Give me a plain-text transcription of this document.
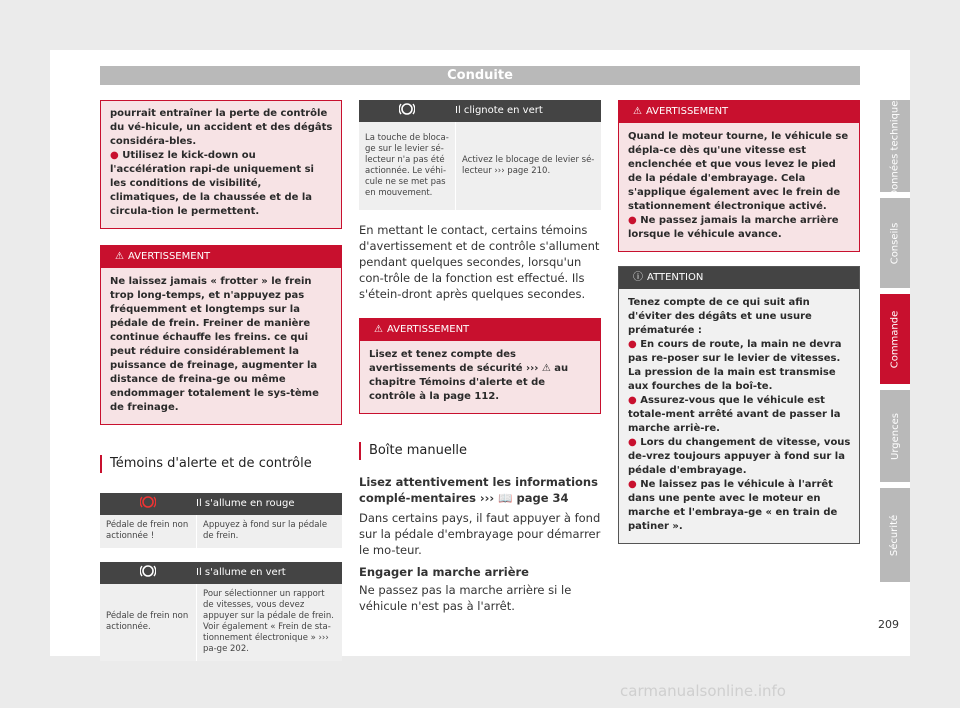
Conduite
pourrait entraîner la perte de contrôle du vé-hicule, un accident et des dégâts considéra-bles.
● Utilisez le kick-down ou l'accélération rapi-de uniquement si les conditions de visibilité, climatiques, de la chaussée et de la circula-tion le permettent.
⚠ AVERTISSEMENT
Ne laissez jamais « frotter » le frein trop long-temps, et n'appuyez pas fréquemment et longtemps sur la pédale de frein. Freiner de manière continue échauffe les freins. ce qui peut réduire considérablement la puissance de freinage, augmenter la distance de freina-ge ou même endommager totalement le sys-tème de freinage.
Témoins d'alerte et de contrôle
Il s'allume en rouge
Pédale de frein non actionnée !
Appuyez à fond sur la pédale de frein.
Il s'allume en vert
Pédale de frein non actionnée.
Pour sélectionner un rapport de vitesses, vous devez appuyer sur la pédale de frein. Voir également « Frein de sta-tionnement électronique » ››› pa-ge 202.
Il clignote en vert
La touche de bloca-ge sur le levier sé-lecteur n'a pas été actionnée. Le véhi-cule ne se met pas en mouvement.
Activez le blocage de levier sé-lecteur ››› page 210.
En mettant le contact, certains témoins d'avertissement et de contrôle s'allument pendant quelques secondes, lorsqu'un con-trôle de la fonction est effectué. Ils s'étein-dront après quelques secondes.
⚠ AVERTISSEMENT
Lisez et tenez compte des avertissements de sécurité ››› ⚠ au chapitre Témoins d'alerte et de contrôle à la page 112.
Boîte manuelle
Lisez attentivement les informations complé-mentaires ››› 📖 page 34
Dans certains pays, il faut appuyer à fond sur la pédale d'embrayage pour démarrer le mo-teur.
Engager la marche arrière
Ne passez pas la marche arrière si le véhicule n'est pas à l'arrêt.
⚠ AVERTISSEMENT
Quand le moteur tourne, le véhicule se dépla-ce dès qu'une vitesse est enclenchée et que vous levez le pied de la pédale d'embrayage. Cela s'applique également avec le frein de stationnement électronique activé.
● Ne passez jamais la marche arrière lorsque le véhicule avance.
ⓘ ATTENTION
Tenez compte de ce qui suit afin d'éviter des dégâts et une usure prématurée :
● En cours de route, la main ne devra pas re-poser sur le levier de vitesses. La pression de la main est transmise aux fourches de la boî-te.
● Assurez-vous que le véhicule est totale-ment arrêté avant de passer la marche arriè-re.
● Lors du changement de vitesse, vous de-vrez toujours appuyer à fond sur la pédale d'embrayage.
● Ne laissez pas le véhicule à l'arrêt dans une pente avec le moteur en marche et l'embraya-ge « en train de patiner ».
Données techniques
Conseils
Commande
Urgences
Sécurité
209
carmanualsonline.info
